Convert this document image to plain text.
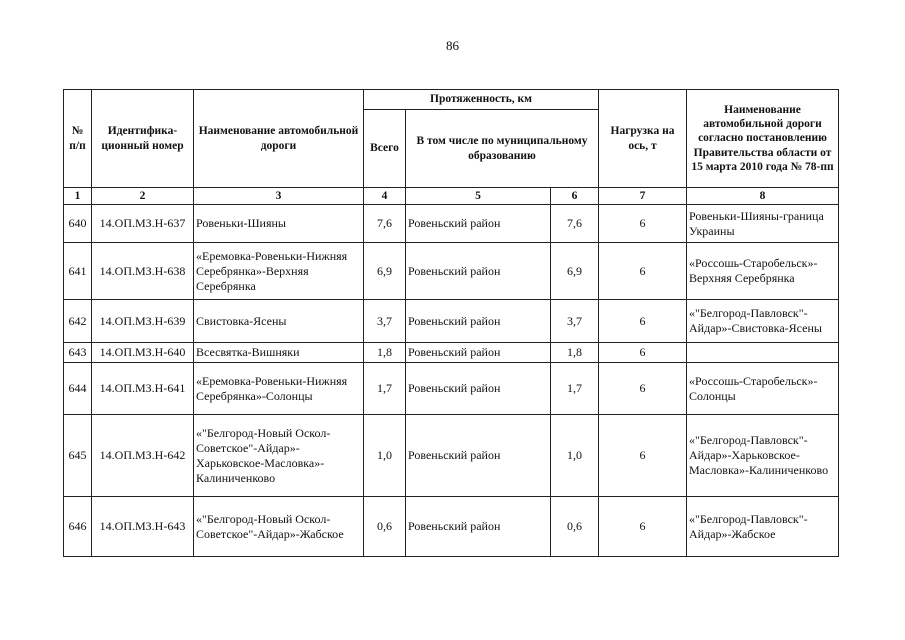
86
№ п/п	Идентифика-ционный номер	Наименование автомобильной дороги	Протяженность, км			Нагрузка на ось, т	Наименование автомобильной дороги согласно постановлению Правительства области от 15 марта 2010 года № 78-пп
			Всего	В том числе по муниципальному образованию			
1	2	3	4	5	6	7	8
640	14.ОП.МЗ.Н-637	Ровеньки-Шияны	7,6	Ровеньский район	7,6	6	Ровеньки-Шияны-граница Украины
641	14.ОП.МЗ.Н-638	«Еремовка-Ровеньки-Нижняя Серебрянка»-Верхняя Серебрянка	6,9	Ровеньский район	6,9	6	«Россошь-Старобельск»-Верхняя Серебрянка
642	14.ОП.МЗ.Н-639	Свистовка-Ясены	3,7	Ровеньский район	3,7	6	«"Белгород-Павловск"-Айдар»-Свистовка-Ясены
643	14.ОП.МЗ.Н-640	Всесвятка-Вишняки	1,8	Ровеньский район	1,8	6	
644	14.ОП.МЗ.Н-641	«Еремовка-Ровеньки-Нижняя Серебрянка»-Солонцы	1,7	Ровеньский район	1,7	6	«Россошь-Старобельск»-Солонцы
645	14.ОП.МЗ.Н-642	«"Белгород-Новый Оскол-Советское"-Айдар»-Харьковское-Масловка»-Калиниченково	1,0	Ровеньский район	1,0	6	«"Белгород-Павловск"-Айдар»-Харьковское-Масловка»-Калиниченково
646	14.ОП.МЗ.Н-643	«"Белгород-Новый Оскол-Советское"-Айдар»-Жабское	0,6	Ровеньский район	0,6	6	«"Белгород-Павловск"-Айдар»-Жабское
